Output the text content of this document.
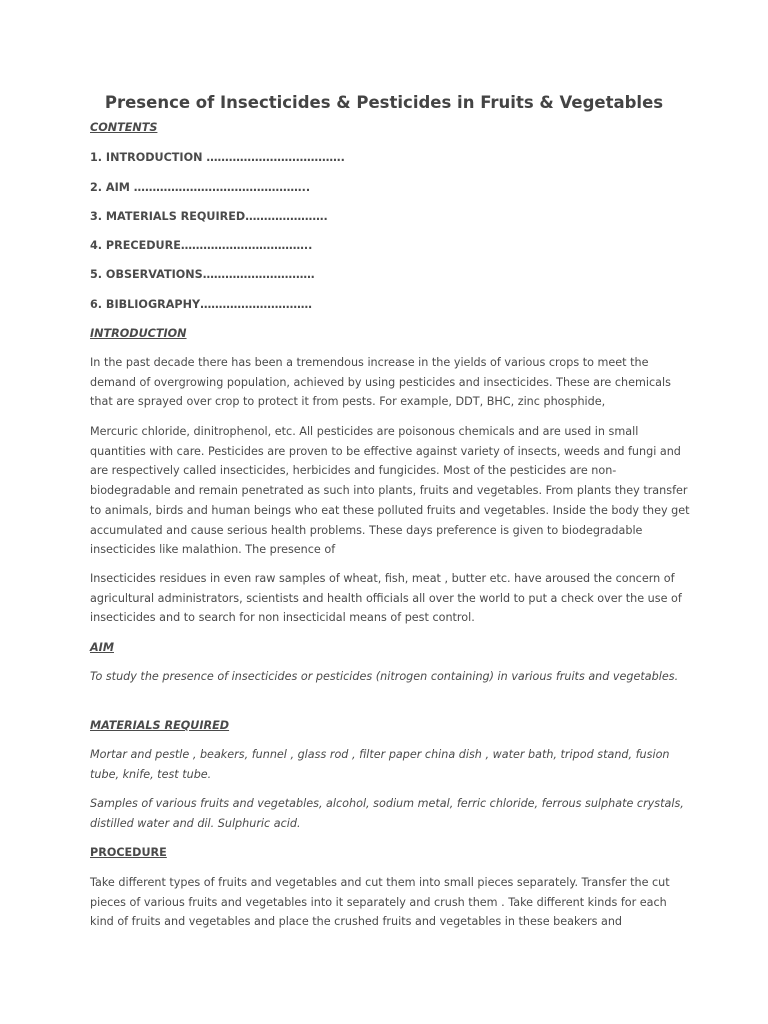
Presence of Insecticides & Pesticides in Fruits & Vegetables

CONTENTS

1. INTRODUCTION ……………………………….

2. AIM ………………………………………..

3. MATERIALS REQUIRED………………….

4. PRECEDURE……………………………..

5. OBSERVATIONS…………………………

6. BIBLIOGRAPHY…………………………

INTRODUCTION

In the past decade there has been a tremendous increase in the yields of various crops to meet the demand of overgrowing population, achieved by using pesticides and insecticides. These are chemicals that are sprayed over crop to protect it from pests. For example, DDT, BHC, zinc phosphide,

Mercuric chloride, dinitrophenol, etc. All pesticides are poisonous chemicals and are used in small quantities with care. Pesticides are proven to be effective against variety of insects, weeds and fungi and are respectively called insecticides, herbicides and fungicides. Most of the pesticides are non-biodegradable and remain penetrated as such into plants, fruits and vegetables. From plants they transfer to animals, birds and human beings who eat these polluted fruits and vegetables. Inside the body they get accumulated and cause serious health problems. These days preference is given to biodegradable insecticides like malathion. The presence of

Insecticides residues in even raw samples of wheat, fish, meat , butter etc. have aroused the concern of agricultural administrators, scientists and health officials all over the world to put a check over the use of insecticides and to search for non insecticidal means of pest control.

AIM

To study the presence of insecticides or pesticides (nitrogen containing) in various fruits and vegetables.

MATERIALS REQUIRED

Mortar and pestle , beakers, funnel , glass rod , filter paper china dish , water bath, tripod stand, fusion tube, knife, test tube.

Samples of various fruits and vegetables, alcohol, sodium metal, ferric chloride, ferrous sulphate crystals, distilled water and dil. Sulphuric acid.

PROCEDURE

Take different types of fruits and vegetables and cut them into small pieces separately. Transfer the cut pieces of various fruits and vegetables into it separately and crush them . Take different kinds for each kind of fruits and vegetables and place the crushed fruits and vegetables in these beakers and
